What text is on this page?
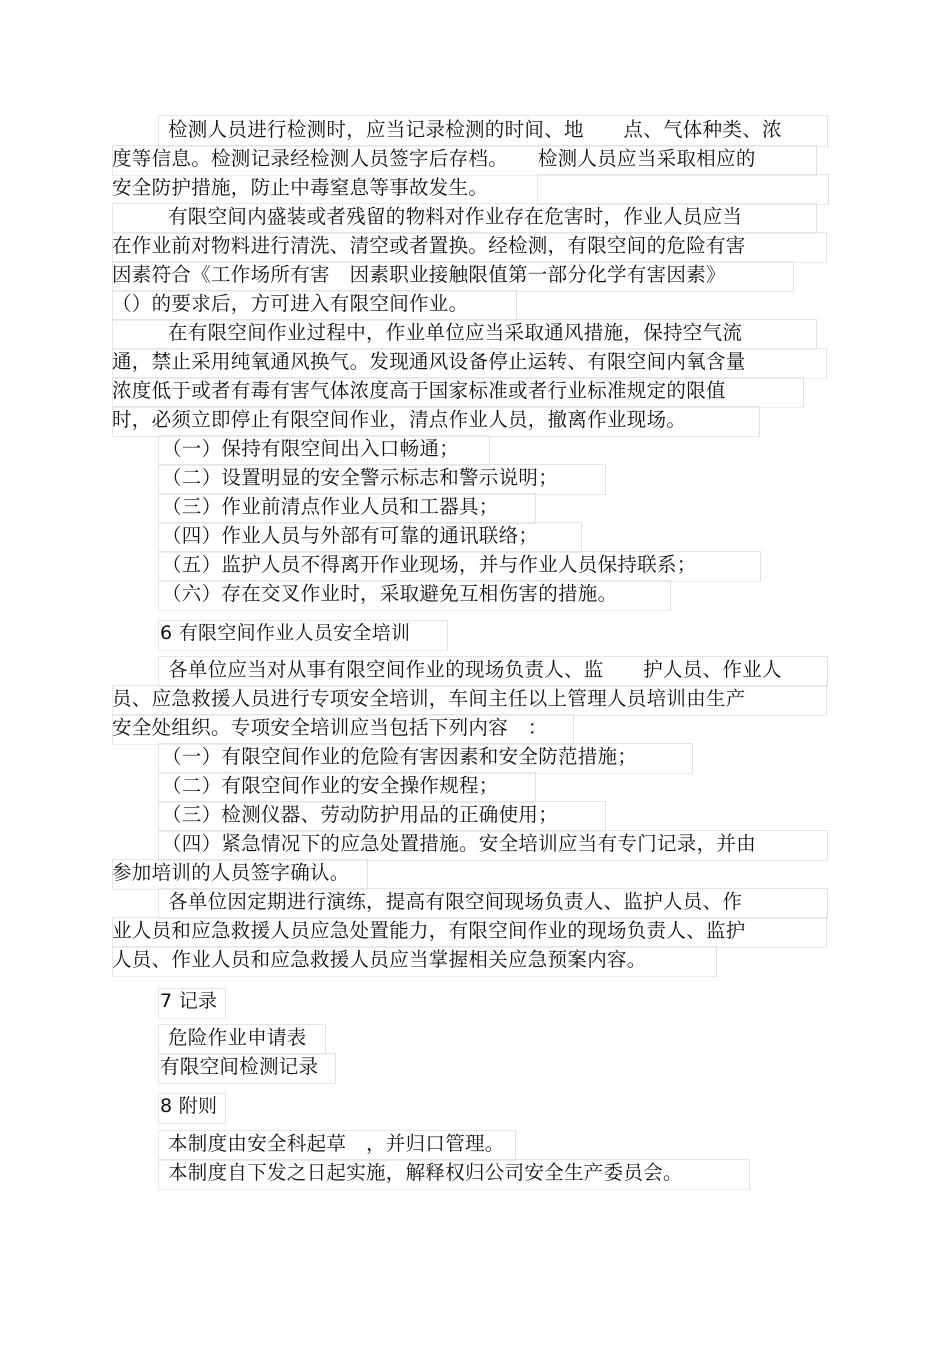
检测人员进行检测时，应当记录检测的时间、地　　点、气体种类、浓
度等信息。检测记录经检测人员签字后存档。　　检测人员应当采取相应的
安全防护措施，防止中毒窒息等事故发生。
有限空间内盛装或者残留的物料对作业存在危害时，作业人员应当
在作业前对物料进行清洗、清空或者置换。经检测，有限空间的危险有害
因素符合《工作场所有害　因素职业接触限值第一部分化学有害因素》
（）的要求后，方可进入有限空间作业。
在有限空间作业过程中，作业单位应当采取通风措施，保持空气流
通，禁止采用纯氧通风换气。发现通风设备停止运转、有限空间内氧含量
浓度低于或者有毒有害气体浓度高于国家标准或者行业标准规定的限值
时，必须立即停止有限空间作业，清点作业人员，撤离作业现场。
（一）保持有限空间出入口畅通；
（二）设置明显的安全警示标志和警示说明；
（三）作业前清点作业人员和工器具；
（四）作业人员与外部有可靠的通讯联络；
（五）监护人员不得离开作业现场，并与作业人员保持联系；
（六）存在交叉作业时，采取避免互相伤害的措施。
6 有限空间作业人员安全培训
各单位应当对从事有限空间作业的现场负责人、监　　护人员、作业人
员、应急救援人员进行专项安全培训，车间主任以上管理人员培训由生产
安全处组织。专项安全培训应当包括下列内容　：
（一）有限空间作业的危险有害因素和安全防范措施；
（二）有限空间作业的安全操作规程；
（三）检测仪器、劳动防护用品的正确使用；
（四）紧急情况下的应急处置措施。安全培训应当有专门记录，并由
参加培训的人员签字确认。
各单位因定期进行演练，提高有限空间现场负责人、监护人员、作
业人员和应急救援人员应急处置能力，有限空间作业的现场负责人、监护
人员、作业人员和应急救援人员应当掌握相关应急预案内容。
7 记录
危险作业申请表
有限空间检测记录
8 附则
本制度由安全科起草　，并归口管理。
本制度自下发之日起实施，解释权归公司安全生产委员会。
